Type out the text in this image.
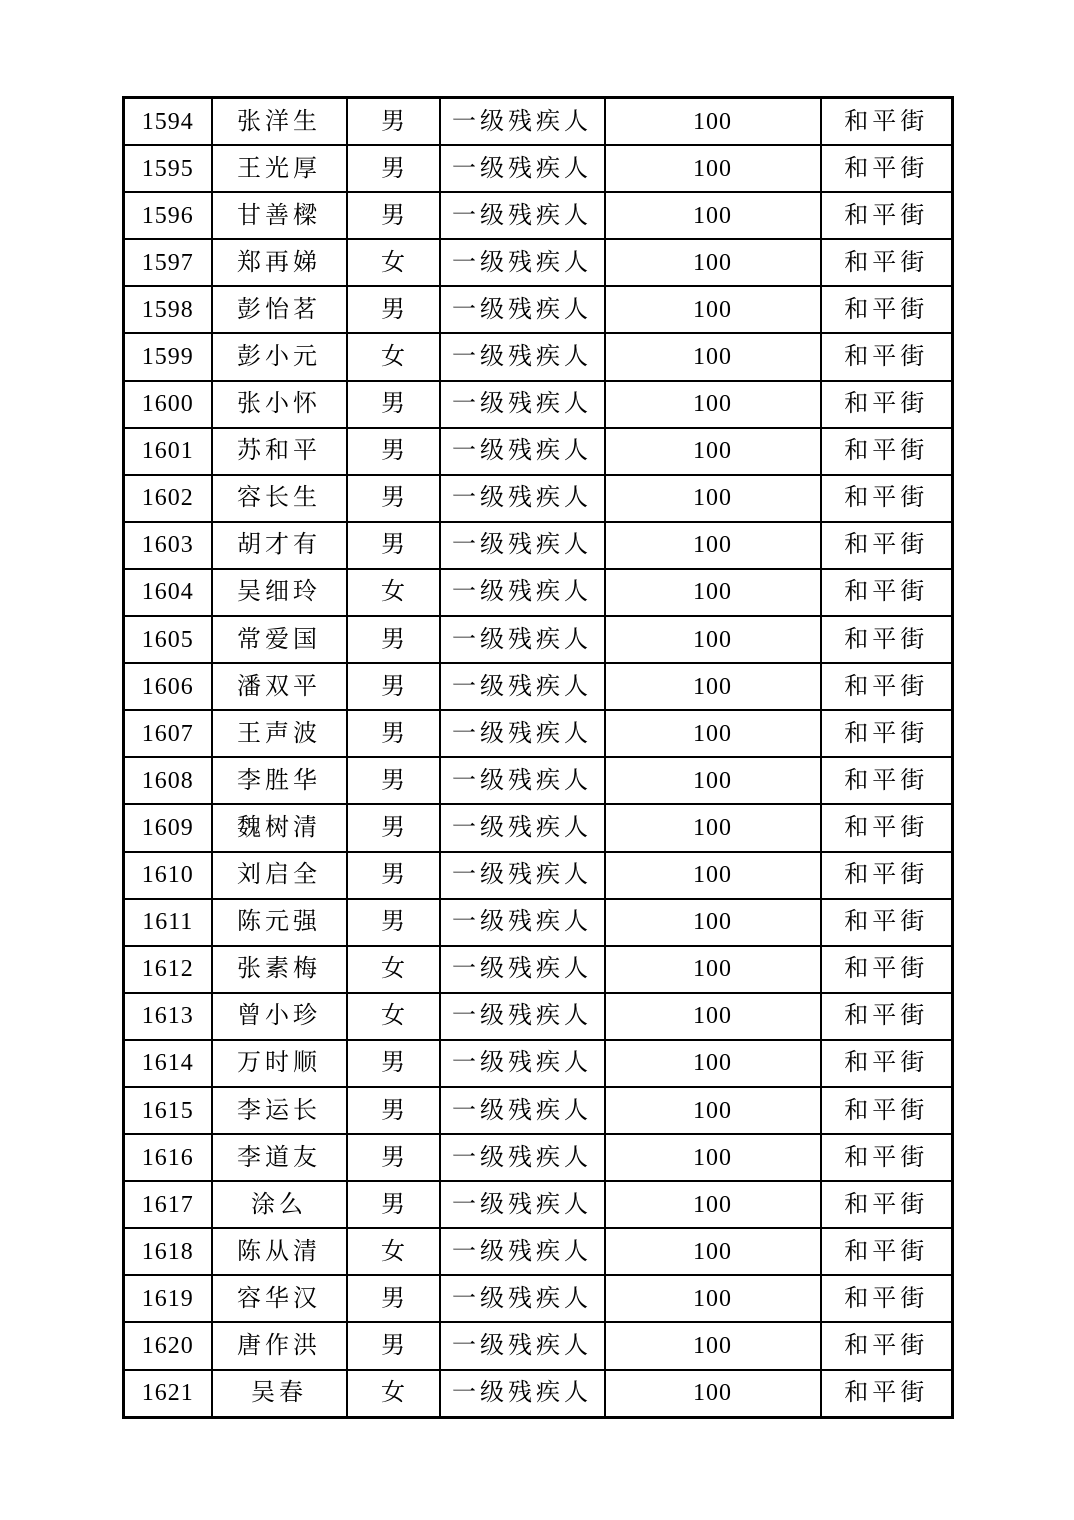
1594	张洋生	男	一级残疾人	100	和平街
1595	王光厚	男	一级残疾人	100	和平街
1596	甘善樑	男	一级残疾人	100	和平街
1597	郑再娣	女	一级残疾人	100	和平街
1598	彭怡茗	男	一级残疾人	100	和平街
1599	彭小元	女	一级残疾人	100	和平街
1600	张小怀	男	一级残疾人	100	和平街
1601	苏和平	男	一级残疾人	100	和平街
1602	容长生	男	一级残疾人	100	和平街
1603	胡才有	男	一级残疾人	100	和平街
1604	吴细玲	女	一级残疾人	100	和平街
1605	常爱国	男	一级残疾人	100	和平街
1606	潘双平	男	一级残疾人	100	和平街
1607	王声波	男	一级残疾人	100	和平街
1608	李胜华	男	一级残疾人	100	和平街
1609	魏树清	男	一级残疾人	100	和平街
1610	刘启全	男	一级残疾人	100	和平街
1611	陈元强	男	一级残疾人	100	和平街
1612	张素梅	女	一级残疾人	100	和平街
1613	曾小珍	女	一级残疾人	100	和平街
1614	万时顺	男	一级残疾人	100	和平街
1615	李运长	男	一级残疾人	100	和平街
1616	李道友	男	一级残疾人	100	和平街
1617	涂么	男	一级残疾人	100	和平街
1618	陈从清	女	一级残疾人	100	和平街
1619	容华汉	男	一级残疾人	100	和平街
1620	唐作洪	男	一级残疾人	100	和平街
1621	吴春	女	一级残疾人	100	和平街
